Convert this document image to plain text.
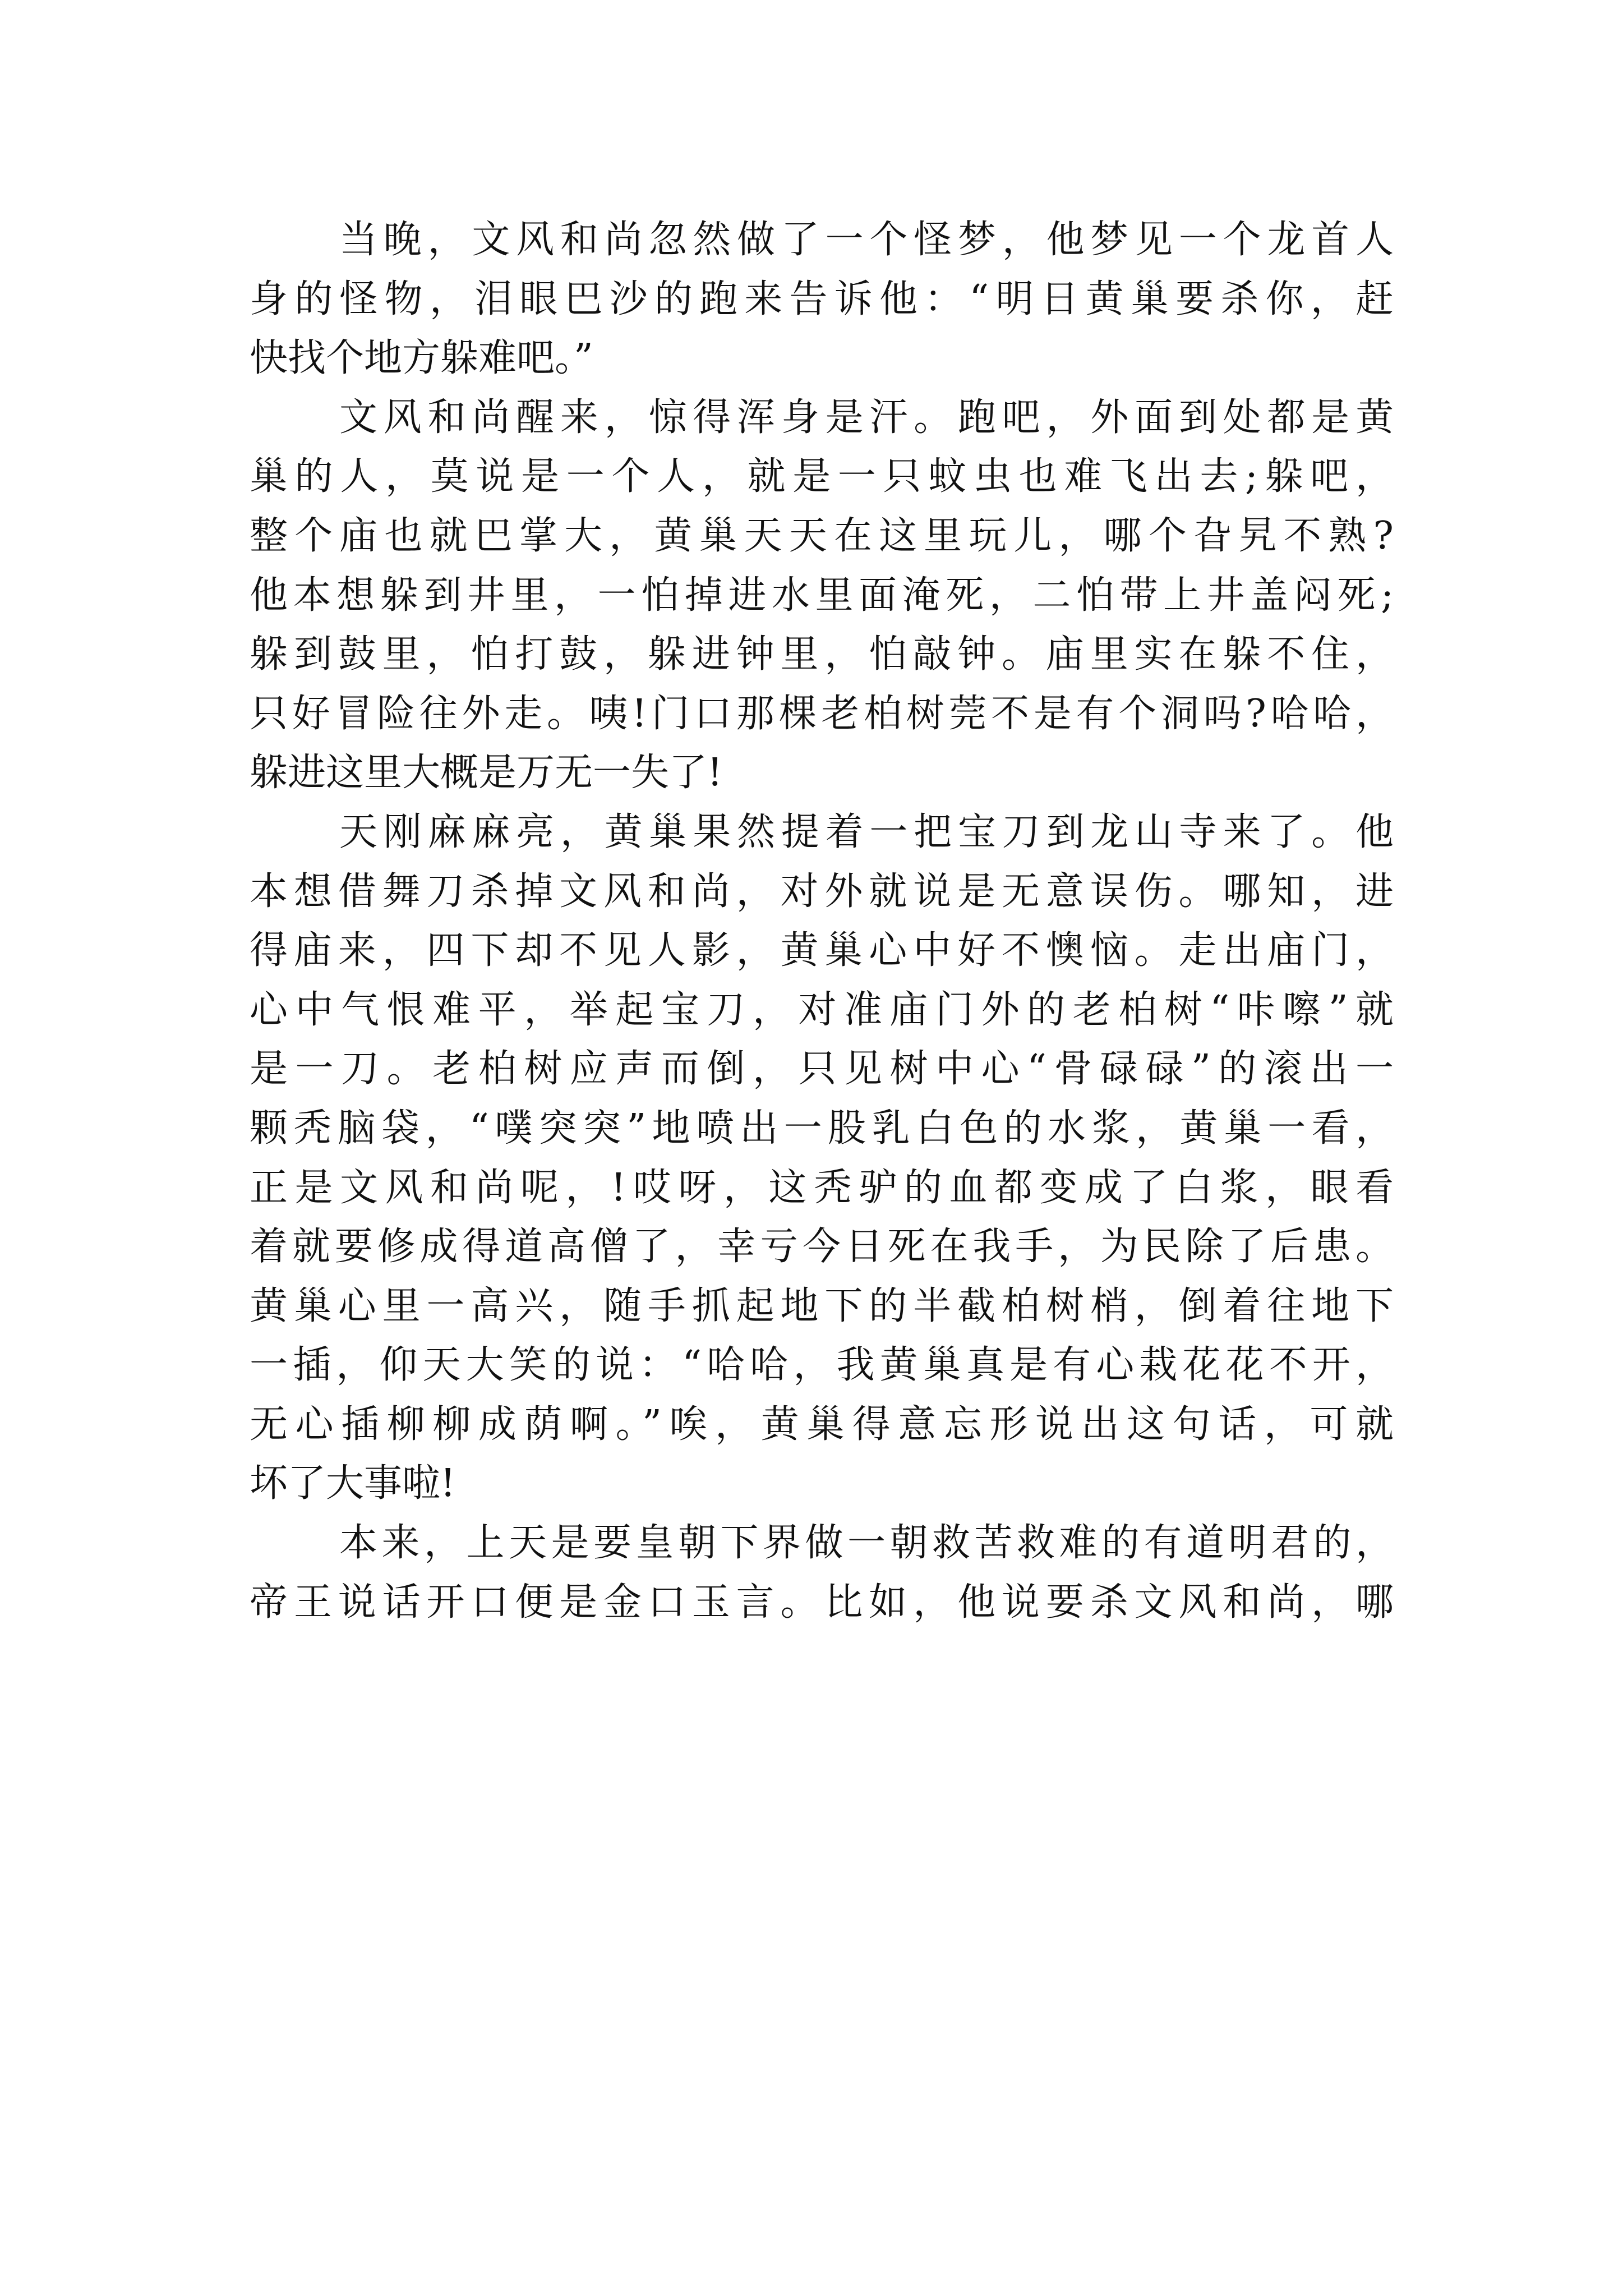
当晚，文风和尚忽然做了一个怪梦，他梦见一个龙首人
身的怪物，泪眼巴沙的跑来告诉他：“明日黄巢要杀你，赶
快找个地方躲难吧。”
文风和尚醒来，惊得浑身是汗。跑吧，外面到处都是黄
巢的人，莫说是一个人，就是一只蚊虫也难飞出去;躲吧，
整个庙也就巴掌大，黄巢天天在这里玩儿，哪个旮旯不熟?
他本想躲到井里，一怕掉进水里面淹死，二怕带上井盖闷死;
躲到鼓里，怕打鼓，躲进钟里，怕敲钟。庙里实在躲不住，
只好冒险往外走。咦!门口那棵老柏树莞不是有个洞吗?哈哈，
躲进这里大概是万无一失了!
天刚麻麻亮，黄巢果然提着一把宝刀到龙山寺来了。他
本想借舞刀杀掉文风和尚，对外就说是无意误伤。哪知，进
得庙来，四下却不见人影，黄巢心中好不懊恼。走出庙门，
心中气恨难平，举起宝刀，对准庙门外的老柏树“咔嚓”就
是一刀。老柏树应声而倒，只见树中心“骨碌碌”的滚出一
颗秃脑袋，“噗突突”地喷出一股乳白色的水浆，黄巢一看，
正是文风和尚呢，!哎呀，这秃驴的血都变成了白浆，眼看
着就要修成得道高僧了，幸亏今日死在我手，为民除了后患。
黄巢心里一高兴，随手抓起地下的半截柏树梢，倒着往地下
一插，仰天大笑的说：“哈哈，我黄巢真是有心栽花花不开，
无心插柳柳成荫啊。”唉，黄巢得意忘形说出这句话，可就
坏了大事啦!
本来，上天是要皇朝下界做一朝救苦救难的有道明君的，
帝王说话开口便是金口玉言。比如，他说要杀文风和尚，哪
